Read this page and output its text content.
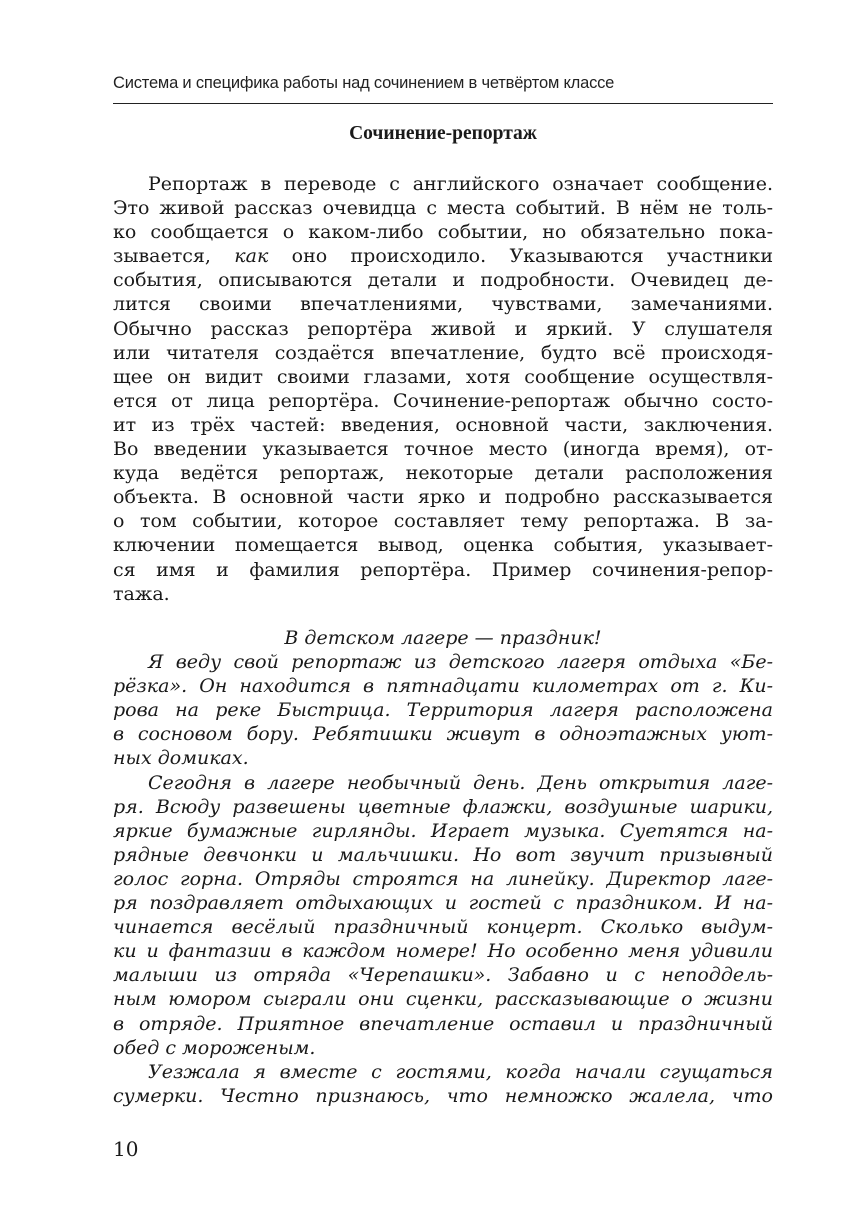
Система и специфика работы над сочинением в четвёртом классе
Сочинение-репортаж
Репортаж в переводе с английского означает сообщение.
Это живой рассказ очевидца с места событий. В нём не толь-
ко сообщается о каком-либо событии, но обязательно пока-
зывается, как оно происходило. Указываются участники
события, описываются детали и подробности. Очевидец де-
лится своими впечатлениями, чувствами, замечаниями.
Обычно рассказ репортёра живой и яркий. У слушателя
или читателя создаётся впечатление, будто всё происходя-
щее он видит своими глазами, хотя сообщение осуществля-
ется от лица репортёра. Сочинение-репортаж обычно состо-
ит из трёх частей: введения, основной части, заключения.
Во введении указывается точное место (иногда время), от-
куда ведётся репортаж, некоторые детали расположения
объекта. В основной части ярко и подробно рассказывается
о том событии, которое составляет тему репортажа. В за-
ключении помещается вывод, оценка события, указывает-
ся имя и фамилия репортёра. Пример сочинения-репор-
тажа.
В детском лагере — праздник!
Я веду свой репортаж из детского лагеря отдыха «Бе-
рёзка». Он находится в пятнадцати километрах от г. Ки-
рова на реке Быстрица. Территория лагеря расположена
в сосновом бору. Ребятишки живут в одноэтажных уют-
ных домиках.
Сегодня в лагере необычный день. День открытия лаге-
ря. Всюду развешены цветные флажки, воздушные шарики,
яркие бумажные гирлянды. Играет музыка. Суетятся на-
рядные девчонки и мальчишки. Но вот звучит призывный
голос горна. Отряды строятся на линейку. Директор лаге-
ря поздравляет отдыхающих и гостей с праздником. И на-
чинается весёлый праздничный концерт. Сколько выдум-
ки и фантазии в каждом номере! Но особенно меня удивили
малыши из отряда «Черепашки». Забавно и с неподдель-
ным юмором сыграли они сценки, рассказывающие о жизни
в отряде. Приятное впечатление оставил и праздничный
обед с мороженым.
Уезжала я вместе с гостями, когда начали сгущаться
сумерки. Честно признаюсь, что немножко жалела, что
10
